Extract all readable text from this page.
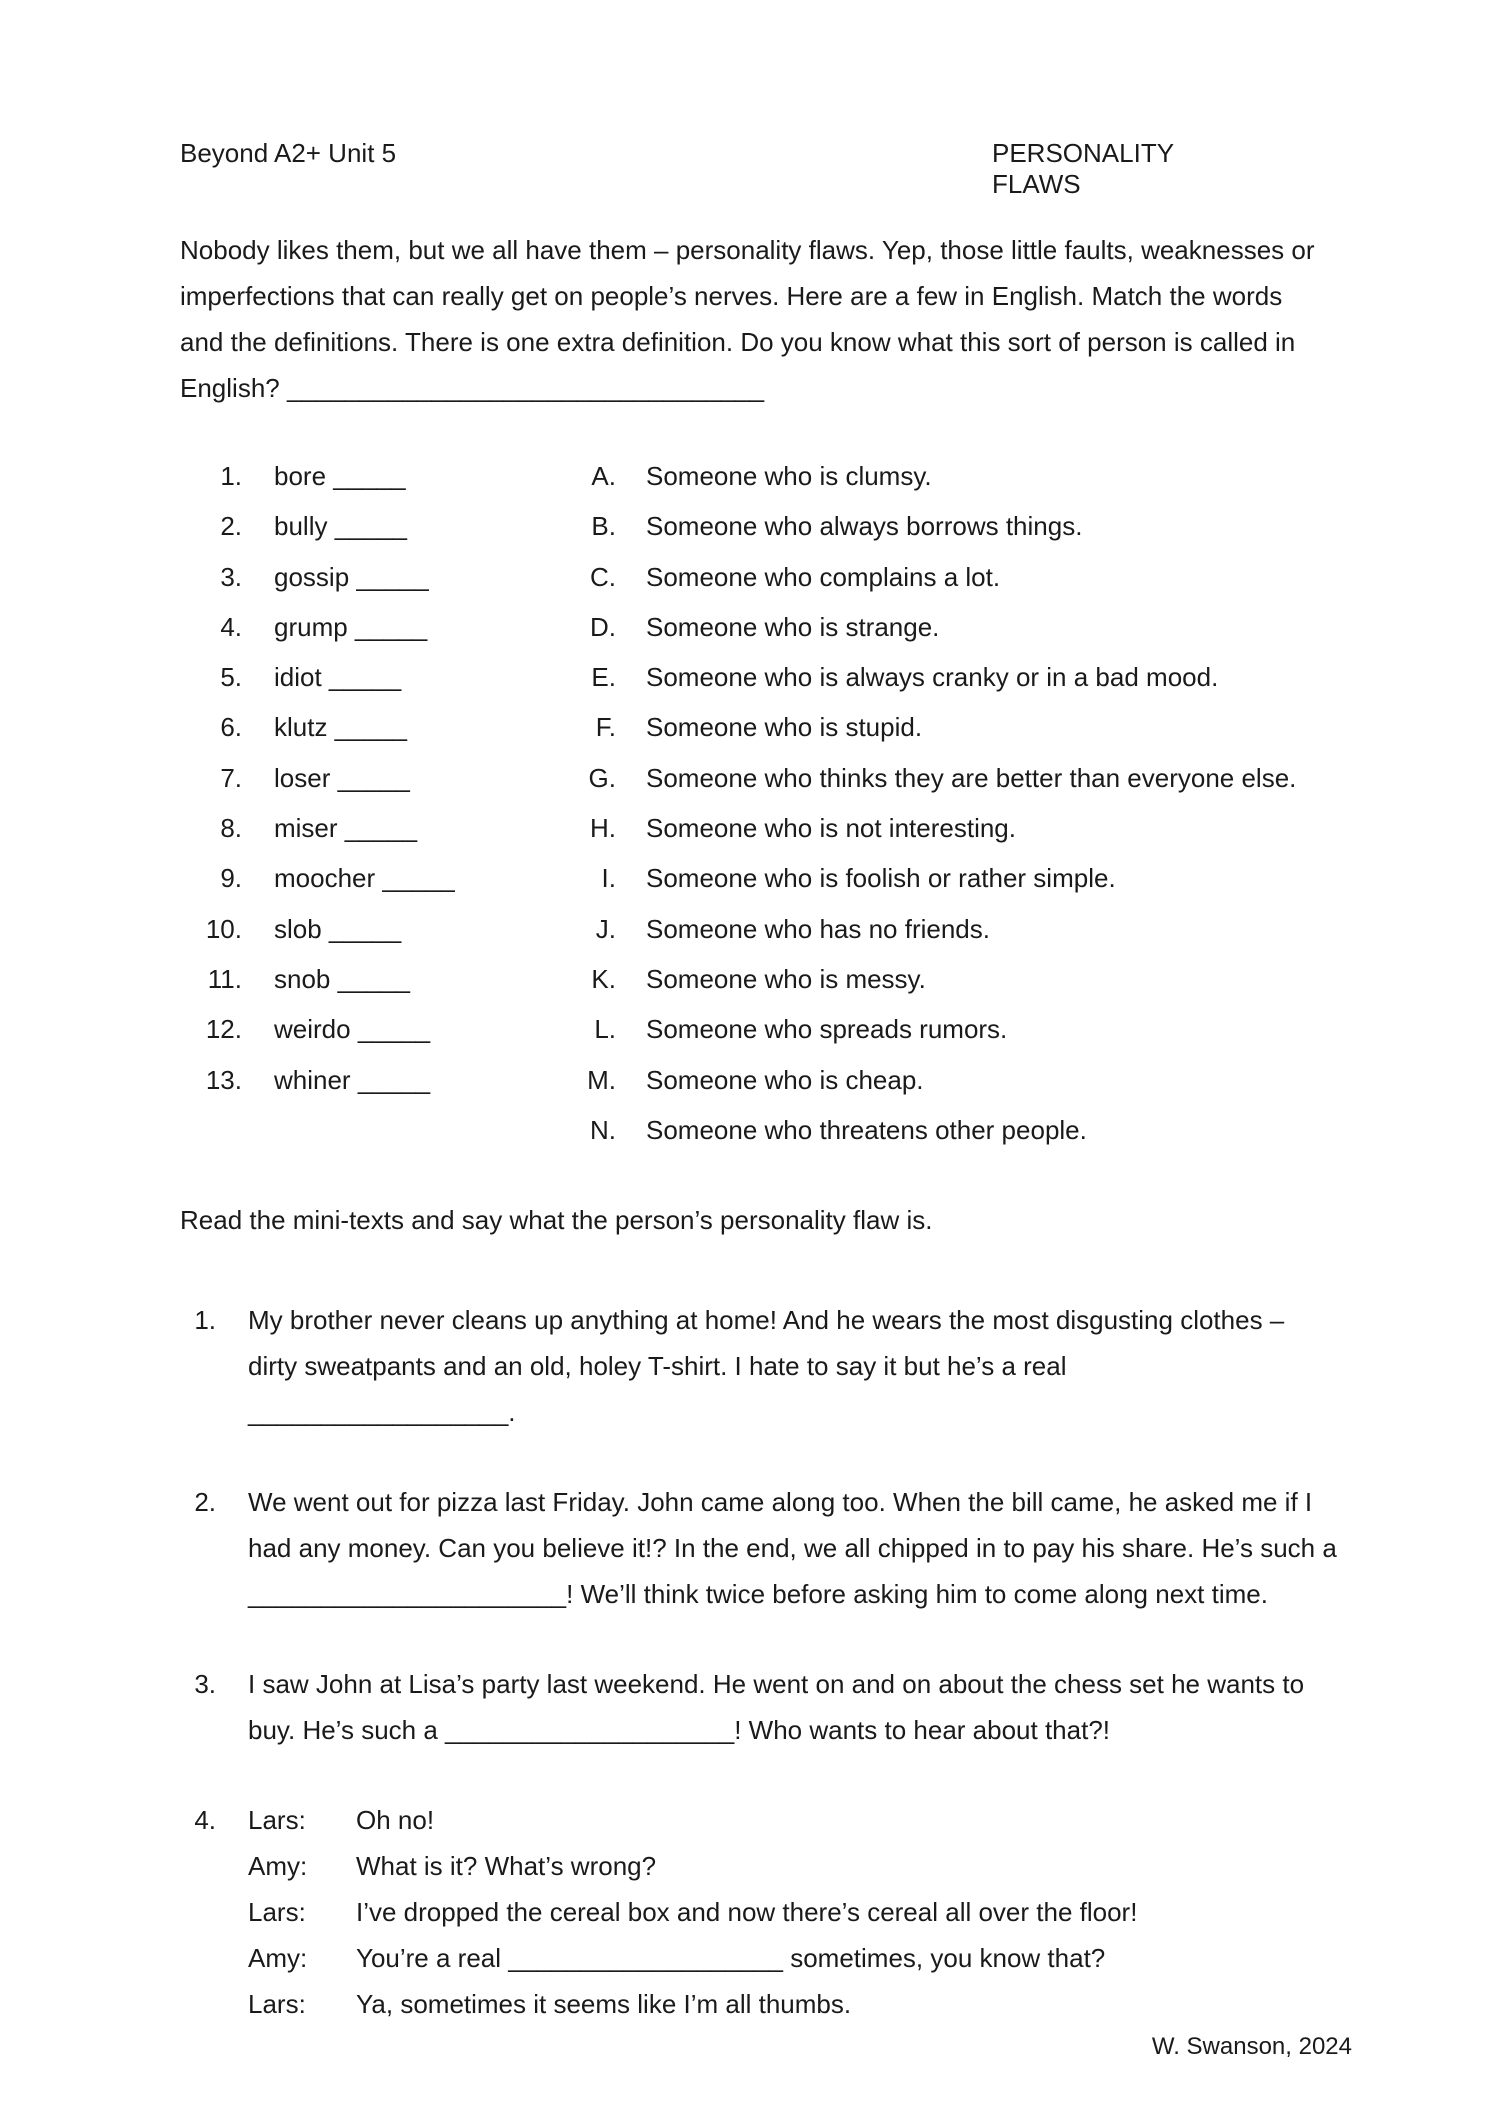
Beyond A2+ Unit 5	PERSONALITY FLAWS
Nobody likes them, but we all have them – personality flaws. Yep, those little faults, weaknesses or imperfections that can really get on people’s nerves. Here are a few in English. Match the words and the definitions. There is one extra definition. Do you know what this sort of person is called in English? _________________________________
1. bore _____
2. bully _____
3. gossip _____
4. grump _____
5. idiot _____
6. klutz _____
7. loser _____
8. miser _____
9. moocher _____
10. slob _____
11. snob _____
12. weirdo _____
13. whiner _____
A. Someone who is clumsy.
B. Someone who always borrows things.
C. Someone who complains a lot.
D. Someone who is strange.
E. Someone who is always cranky or in a bad mood.
F. Someone who is stupid.
G. Someone who thinks they are better than everyone else.
H. Someone who is not interesting.
I. Someone who is foolish or rather simple.
J. Someone who has no friends.
K. Someone who is messy.
L. Someone who spreads rumors.
M. Someone who is cheap.
N. Someone who threatens other people.
Read the mini-texts and say what the person’s personality flaw is.
1. My brother never cleans up anything at home! And he wears the most disgusting clothes – dirty sweatpants and an old, holey T-shirt. I hate to say it but he’s a real __________________.
2. We went out for pizza last Friday. John came along too. When the bill came, he asked me if I had any money. Can you believe it!? In the end, we all chipped in to pay his share. He’s such a ______________________! We’ll think twice before asking him to come along next time.
3. I saw John at Lisa’s party last weekend. He went on and on about the chess set he wants to buy. He’s such a ____________________! Who wants to hear about that?!
4. Lars: Oh no!
Amy: What is it? What’s wrong?
Lars: I’ve dropped the cereal box and now there’s cereal all over the floor!
Amy: You’re a real ___________________ sometimes, you know that?
Lars: Ya, sometimes it seems like I’m all thumbs.
W. Swanson, 2024
